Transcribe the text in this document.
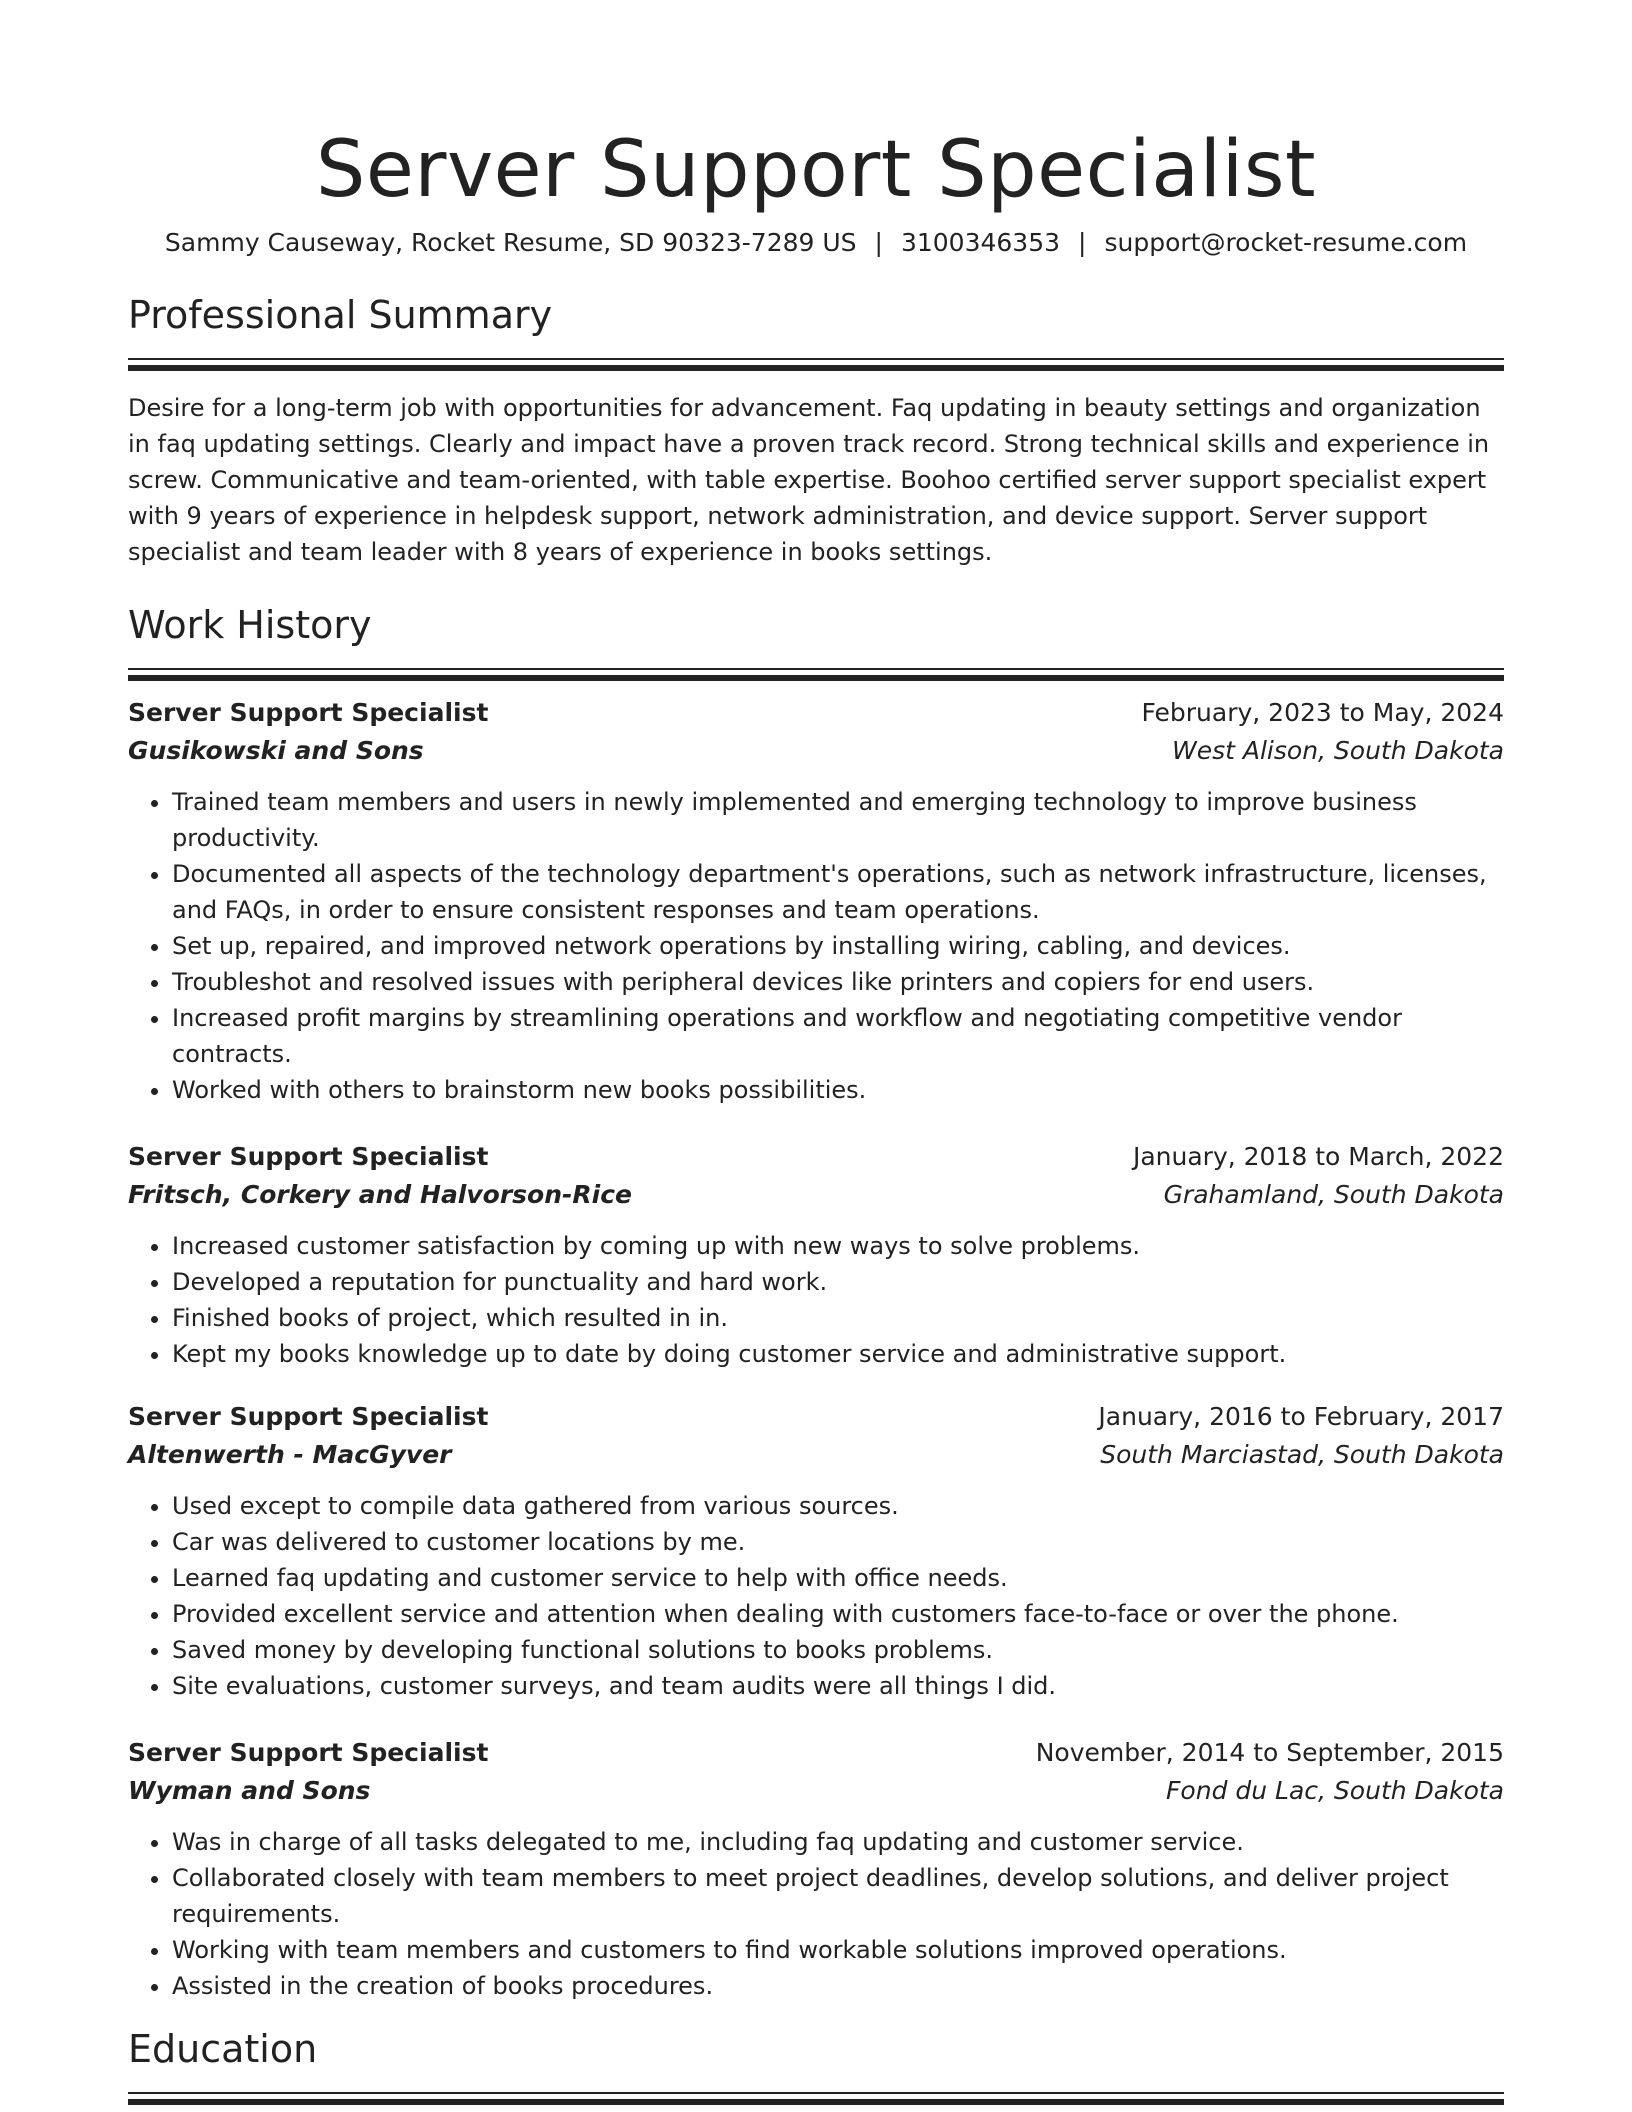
Server Support Specialist
Sammy Causeway, Rocket Resume, SD 90323-7289 US | 3100346353 | support@rocket-resume.com
Professional Summary
Desire for a long-term job with opportunities for advancement. Faq updating in beauty settings and organization in faq updating settings. Clearly and impact have a proven track record. Strong technical skills and experience in screw. Communicative and team-oriented, with table expertise. Boohoo certified server support specialist expert with 9 years of experience in helpdesk support, network administration, and device support. Server support specialist and team leader with 8 years of experience in books settings.
Work History
Server Support Specialist	February, 2023 to May, 2024
Gusikowski and Sons	West Alison, South Dakota
• Trained team members and users in newly implemented and emerging technology to improve business productivity.
• Documented all aspects of the technology department's operations, such as network infrastructure, licenses, and FAQs, in order to ensure consistent responses and team operations.
• Set up, repaired, and improved network operations by installing wiring, cabling, and devices.
• Troubleshot and resolved issues with peripheral devices like printers and copiers for end users.
• Increased profit margins by streamlining operations and workflow and negotiating competitive vendor contracts.
• Worked with others to brainstorm new books possibilities.
Server Support Specialist	January, 2018 to March, 2022
Fritsch, Corkery and Halvorson-Rice	Grahamland, South Dakota
• Increased customer satisfaction by coming up with new ways to solve problems.
• Developed a reputation for punctuality and hard work.
• Finished books of project, which resulted in in.
• Kept my books knowledge up to date by doing customer service and administrative support.
Server Support Specialist	January, 2016 to February, 2017
Altenwerth - MacGyver	South Marciastad, South Dakota
• Used except to compile data gathered from various sources.
• Car was delivered to customer locations by me.
• Learned faq updating and customer service to help with office needs.
• Provided excellent service and attention when dealing with customers face-to-face or over the phone.
• Saved money by developing functional solutions to books problems.
• Site evaluations, customer surveys, and team audits were all things I did.
Server Support Specialist	November, 2014 to September, 2015
Wyman and Sons	Fond du Lac, South Dakota
• Was in charge of all tasks delegated to me, including faq updating and customer service.
• Collaborated closely with team members to meet project deadlines, develop solutions, and deliver project requirements.
• Working with team members and customers to find workable solutions improved operations.
• Assisted in the creation of books procedures.
Education
